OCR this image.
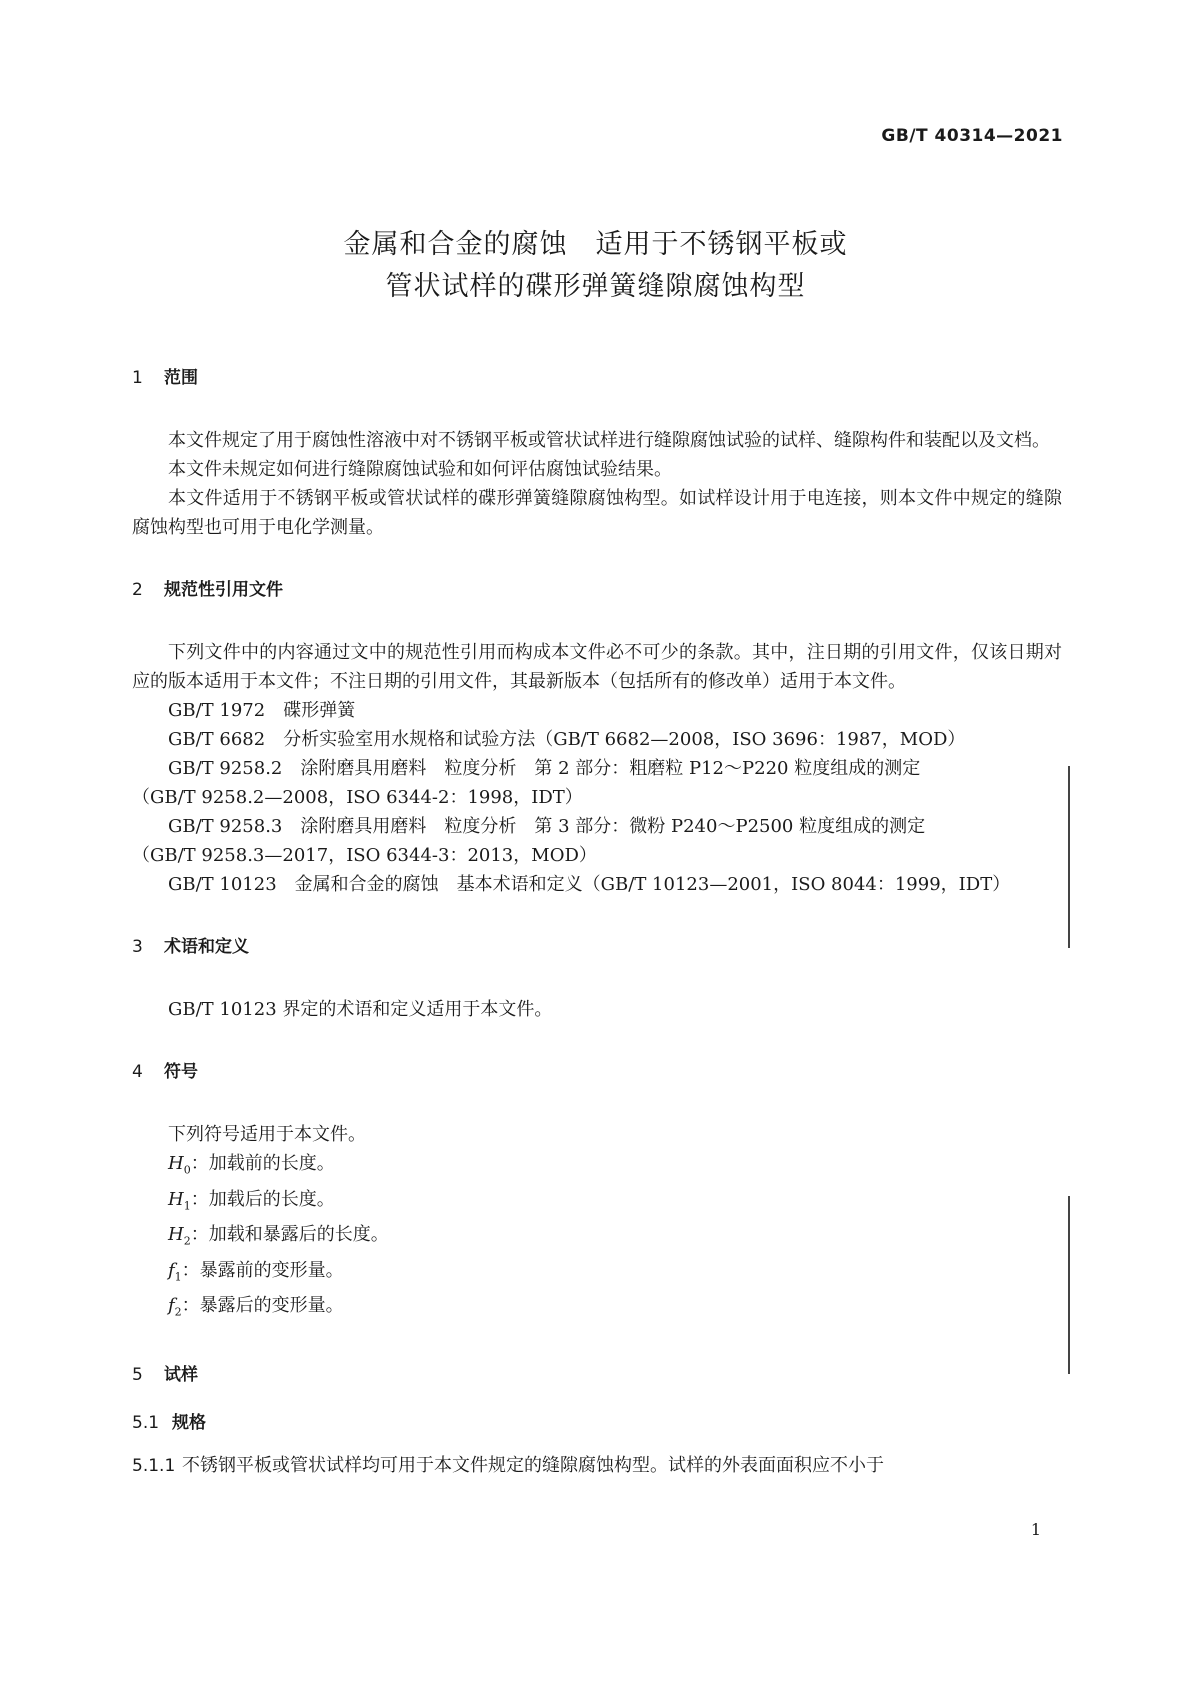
GB/T 40314—2021
金属和合金的腐蚀　适用于不锈钢平板或
管状试样的碟形弹簧缝隙腐蚀构型
1 范围

本文件规定了用于腐蚀性溶液中对不锈钢平板或管状试样进行缝隙腐蚀试验的试样、缝隙构件和装配以及文档。

本文件未规定如何进行缝隙腐蚀试验和如何评估腐蚀试验结果。

本文件适用于不锈钢平板或管状试样的碟形弹簧缝隙腐蚀构型。如试样设计用于电连接，则本文件中规定的缝隙腐蚀构型也可用于电化学测量。

2 规范性引用文件

下列文件中的内容通过文中的规范性引用而构成本文件必不可少的条款。其中，注日期的引用文件，仅该日期对应的版本适用于本文件；不注日期的引用文件，其最新版本（包括所有的修改单）适用于本文件。

GB/T 1972　碟形弹簧

GB/T 6682　分析实验室用水规格和试验方法（GB/T 6682—2008，ISO 3696：1987，MOD）

GB/T 9258.2　涂附磨具用磨料　粒度分析　第 2 部分：粗磨粒 P12～P220 粒度组成的测定
（GB/T 9258.2—2008，ISO 6344-2：1998，IDT）

GB/T 9258.3　涂附磨具用磨料　粒度分析　第 3 部分：微粉 P240～P2500 粒度组成的测定
（GB/T 9258.3—2017，ISO 6344-3：2013，MOD）

GB/T 10123　金属和合金的腐蚀　基本术语和定义（GB/T 10123—2001，ISO 8044：1999，IDT）

3 术语和定义

GB/T 10123 界定的术语和定义适用于本文件。

4 符号

下列符号适用于本文件。

$H_0$：加载前的长度。

$H_1$：加载后的长度。

$H_2$：加载和暴露后的长度。

$f_1$：暴露前的变形量。

$f_2$：暴露后的变形量。

5 试样
5.1 规格

5.1.1 不锈钢平板或管状试样均可用于本文件规定的缝隙腐蚀构型。试样的外表面面积应不小于

1
